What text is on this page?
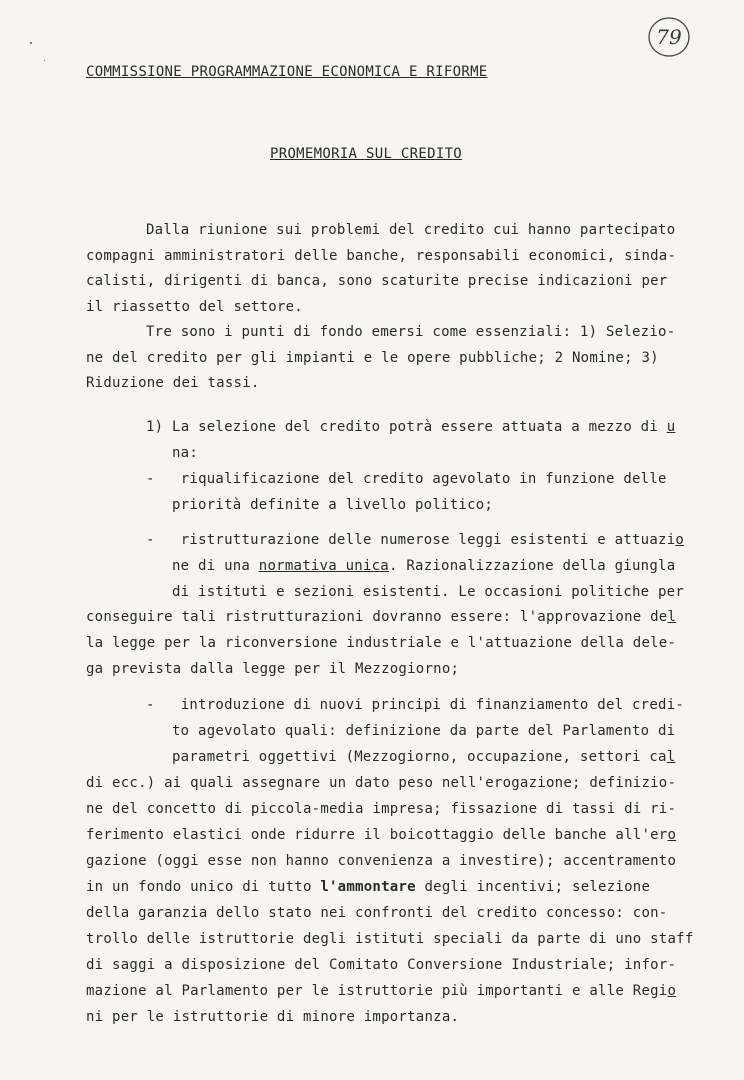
79
COMMISSIONE PROGRAMMAZIONE ECONOMICA E RIFORME
PROMEMORIA SUL CREDITO
Dalla riunione sui problemi del credito cui hanno partecipato
compagni amministratori delle banche, responsabili economici, sinda-
calisti, dirigenti di banca, sono scaturite precise indicazioni per
il riassetto del settore.
Tre sono i punti di fondo emersi come essenziali: 1) Selezio-
ne del credito per gli impianti e le opere pubbliche; 2 Nomine; 3)
Riduzione dei tassi.
1) La selezione del credito potrà essere attuata a mezzo di u
na:
-   riqualificazione del credito agevolato in funzione delle
priorità definite a livello politico;
-   ristrutturazione delle numerose leggi esistenti e attuazio
ne di una normativa unica. Razionalizzazione della giungla
di istituti e sezioni esistenti. Le occasioni politiche per
conseguire tali ristrutturazioni dovranno essere: l'approvazione del
la legge per la riconversione industriale e l'attuazione della dele-
ga prevista dalla legge per il Mezzogiorno;
-   introduzione di nuovi principi di finanziamento del credi-
to agevolato quali: definizione da parte del Parlamento di
parametri oggettivi (Mezzogiorno, occupazione, settori cal
di ecc.) ai quali assegnare un dato peso nell'erogazione; definizio-
ne del concetto di piccola-media impresa; fissazione di tassi di ri-
ferimento elastici onde ridurre il boicottaggio delle banche all'ero
gazione (oggi esse non hanno convenienza a investire); accentramento
in un fondo unico di tutto l'ammontare degli incentivi; selezione
della garanzia dello stato nei confronti del credito concesso: con-
trollo delle istruttorie degli istituti speciali da parte di uno staff
di saggi a disposizione del Comitato Conversione Industriale; infor-
mazione al Parlamento per le istruttorie più importanti e alle Regio
ni per le istruttorie di minore importanza.
